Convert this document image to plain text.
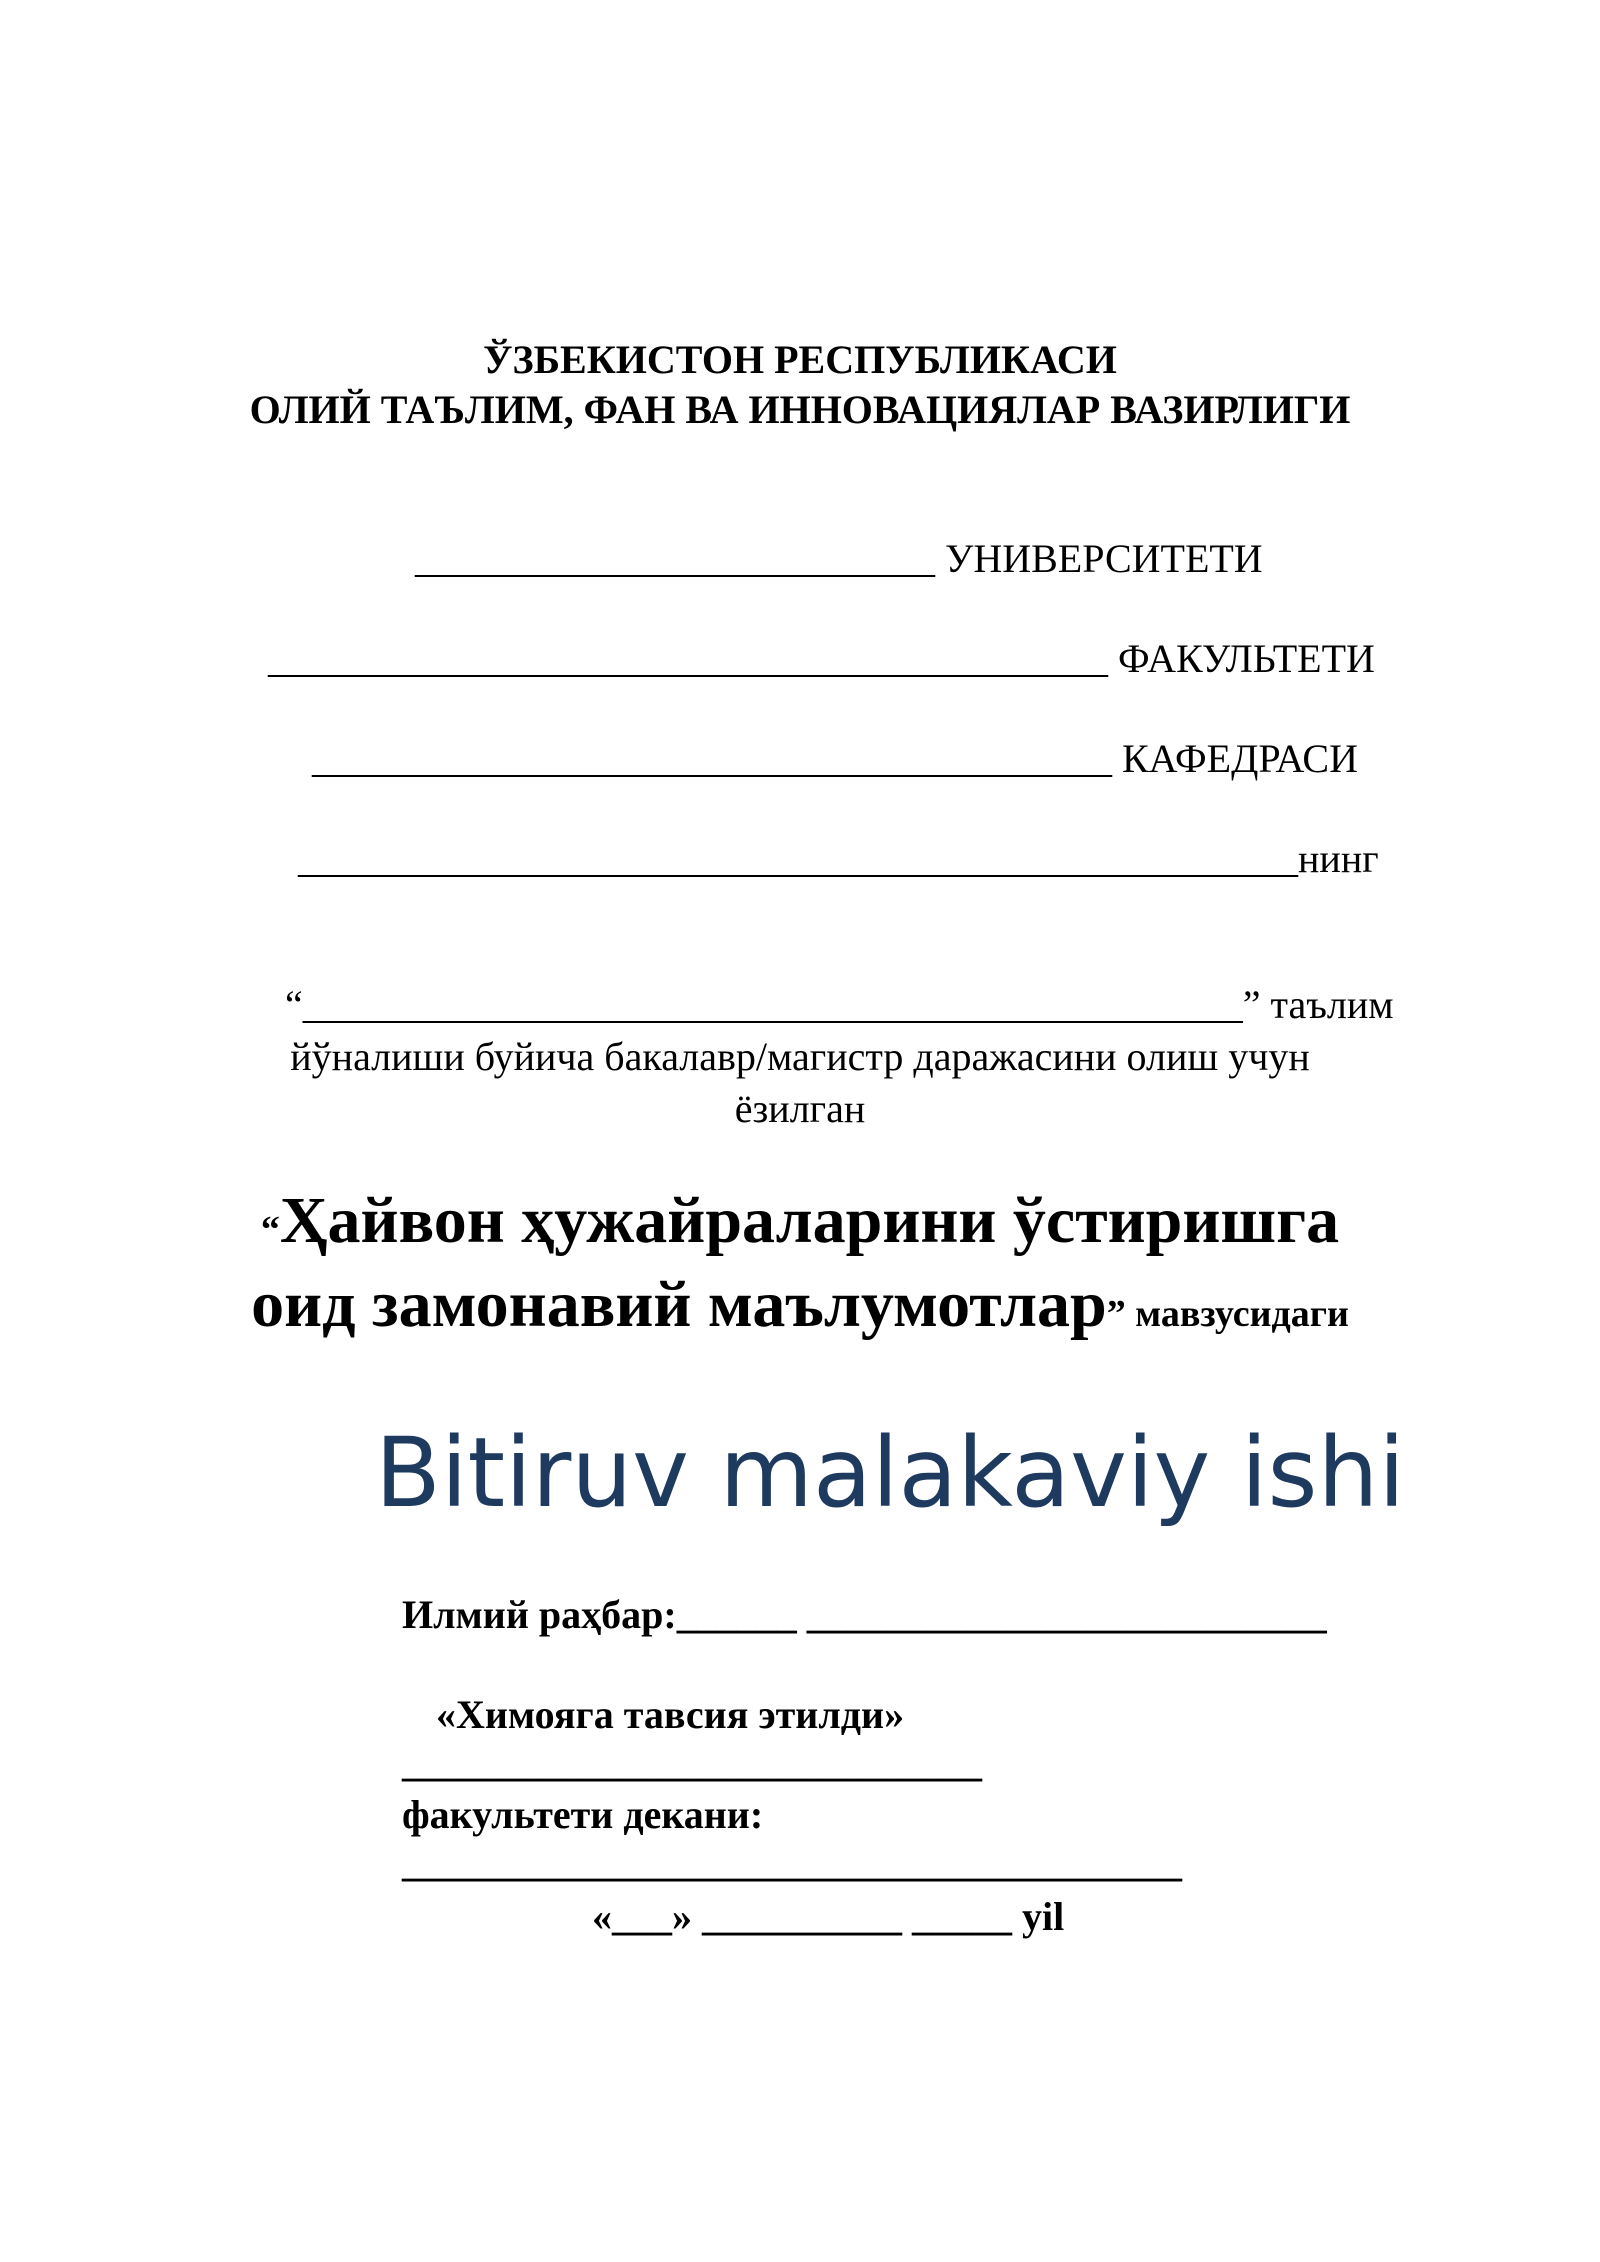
ЎЗБЕКИСТОН РЕСПУБЛИКАСИ

ОЛИЙ ТАЪЛИМ, ФАН ВА ИННОВАЦИЯЛАР ВАЗИРЛИГИ

__________________________ УНИВЕРСИТЕТИ

__________________________________________ ФАКУЛЬТЕТИ

________________________________________ КАФЕДРАСИ

__________________________________________________нинг

“_______________________________________________” таълим

йўналиши буйича бакалавр/магистр даражасини олиш учун

ёзилган

“Ҳайвон ҳужайраларини ўстиришга
оид замонавий маълумотлар” мавзусидаги

Bitiruv malakaviy ishi

Илмий раҳбар:______ __________________________

«Химояга тавсия этилди»

_____________________________

факультети декани:

_______________________________________

«___» __________ _____ yil
